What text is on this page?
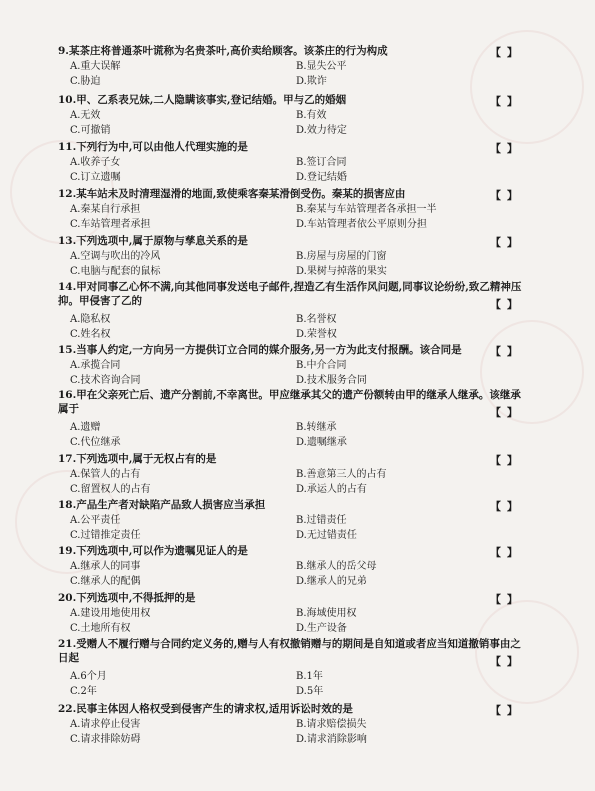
9.某茶庄将普通茶叶谎称为名贵茶叶,高价卖给顾客。该茶庄的行为构成	【 】
A.重大误解	B.显失公平
C.胁迫	D.欺诈
10.甲、乙系表兄妹,二人隐瞒该事实,登记结婚。甲与乙的婚姻	【 】
A.无效	B.有效
C.可撤销	D.效力待定
11.下列行为中,可以由他人代理实施的是	【 】
A.收养子女	B.签订合同
C.订立遗嘱	D.登记结婚
12.某车站未及时清理湿滑的地面,致使乘客秦某滑倒受伤。秦某的损害应由	【 】
A.秦某自行承担	B.秦某与车站管理者各承担一半
C.车站管理者承担	D.车站管理者依公平原则分担
13.下列选项中,属于原物与孳息关系的是	【 】
A.空调与吹出的冷风	B.房屋与房屋的门窗
C.电脑与配套的鼠标	D.果树与掉落的果实
14.甲对同事乙心怀不满,向其他同事发送电子邮件,捏造乙有生活作风问题,同事议论纷纷,致乙精神压抑。甲侵害了乙的	【 】
A.隐私权	B.名誉权
C.姓名权	D.荣誉权
15.当事人约定,一方向另一方提供订立合同的媒介服务,另一方为此支付报酬。该合同是	【 】
A.承揽合同	B.中介合同
C.技术咨询合同	D.技术服务合同
16.甲在父亲死亡后、遗产分割前,不幸离世。甲应继承其父的遗产份额转由甲的继承人继承。该继承属于	【 】
A.遗赠	B.转继承
C.代位继承	D.遗嘱继承
17.下列选项中,属于无权占有的是	【 】
A.保管人的占有	B.善意第三人的占有
C.留置权人的占有	D.承运人的占有
18.产品生产者对缺陷产品致人损害应当承担	【 】
A.公平责任	B.过错责任
C.过错推定责任	D.无过错责任
19.下列选项中,可以作为遗嘱见证人的是	【 】
A.继承人的同事	B.继承人的岳父母
C.继承人的配偶	D.继承人的兄弟
20.下列选项中,不得抵押的是	【 】
A.建设用地使用权	B.海域使用权
C.土地所有权	D.生产设备
21.受赠人不履行赠与合同约定义务的,赠与人有权撤销赠与的期间是自知道或者应当知道撤销事由之日起	【 】
A.6个月	B.1年
C.2年	D.5年
22.民事主体因人格权受到侵害产生的请求权,适用诉讼时效的是	【 】
A.请求停止侵害	B.请求赔偿损失
C.请求排除妨碍	D.请求消除影响
